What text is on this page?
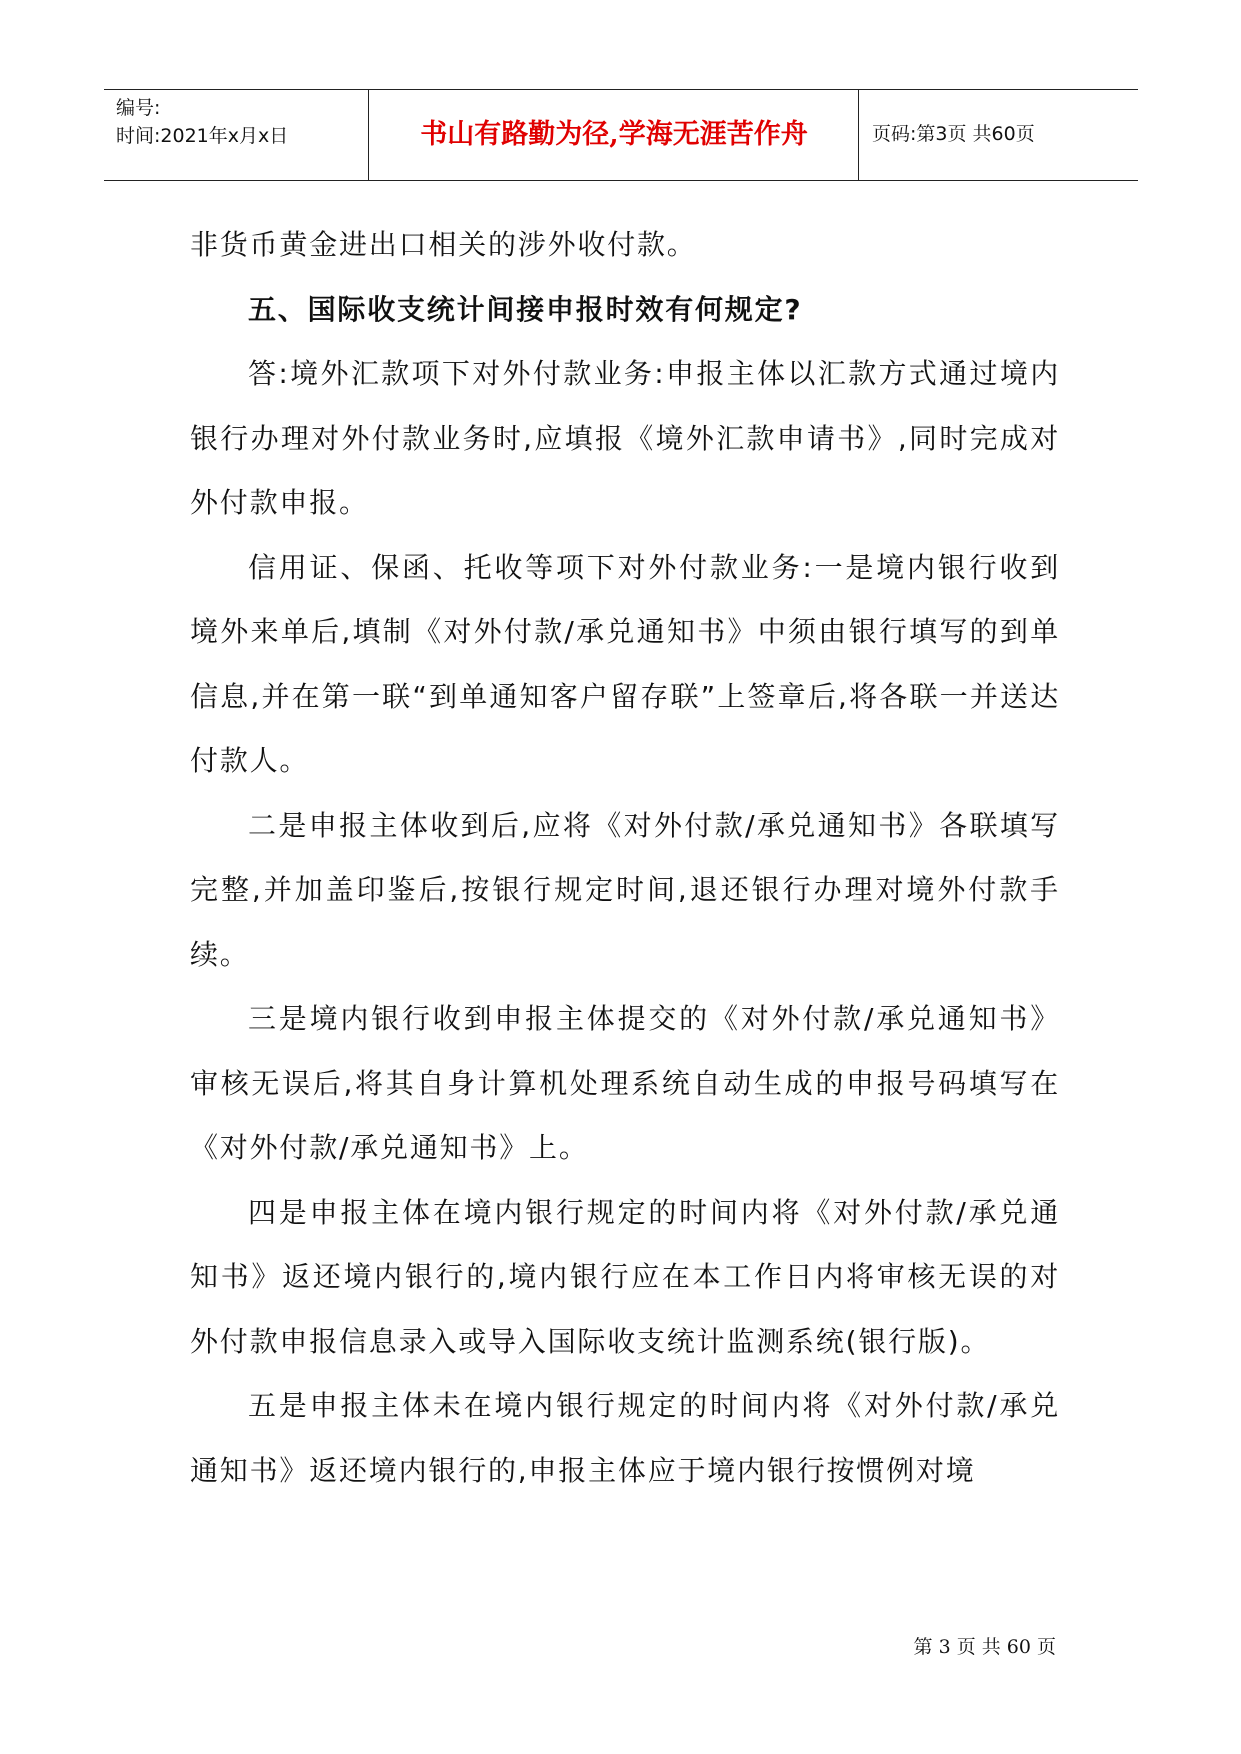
编号:
时间:2021年x月x日	书山有路勤为径,学海无涯苦作舟	页码:第3页 共60页

非货币黄金进出口相关的涉外收付款。

五、国际收支统计间接申报时效有何规定?

答:境外汇款项下对外付款业务:申报主体以汇款方式通过境内银行办理对外付款业务时,应填报《境外汇款申请书》,同时完成对外付款申报。

信用证、保函、托收等项下对外付款业务:一是境内银行收到境外来单后,填制《对外付款/承兑通知书》中须由银行填写的到单信息,并在第一联“到单通知客户留存联”上签章后,将各联一并送达付款人。

二是申报主体收到后,应将《对外付款/承兑通知书》各联填写完整,并加盖印鉴后,按银行规定时间,退还银行办理对境外付款手续。

三是境内银行收到申报主体提交的《对外付款/承兑通知书》审核无误后,将其自身计算机处理系统自动生成的申报号码填写在《对外付款/承兑通知书》上。

四是申报主体在境内银行规定的时间内将《对外付款/承兑通知书》返还境内银行的,境内银行应在本工作日内将审核无误的对外付款申报信息录入或导入国际收支统计监测系统(银行版)。

五是申报主体未在境内银行规定的时间内将《对外付款/承兑通知书》返还境内银行的,申报主体应于境内银行按惯例对境

第 3 页 共 60 页
